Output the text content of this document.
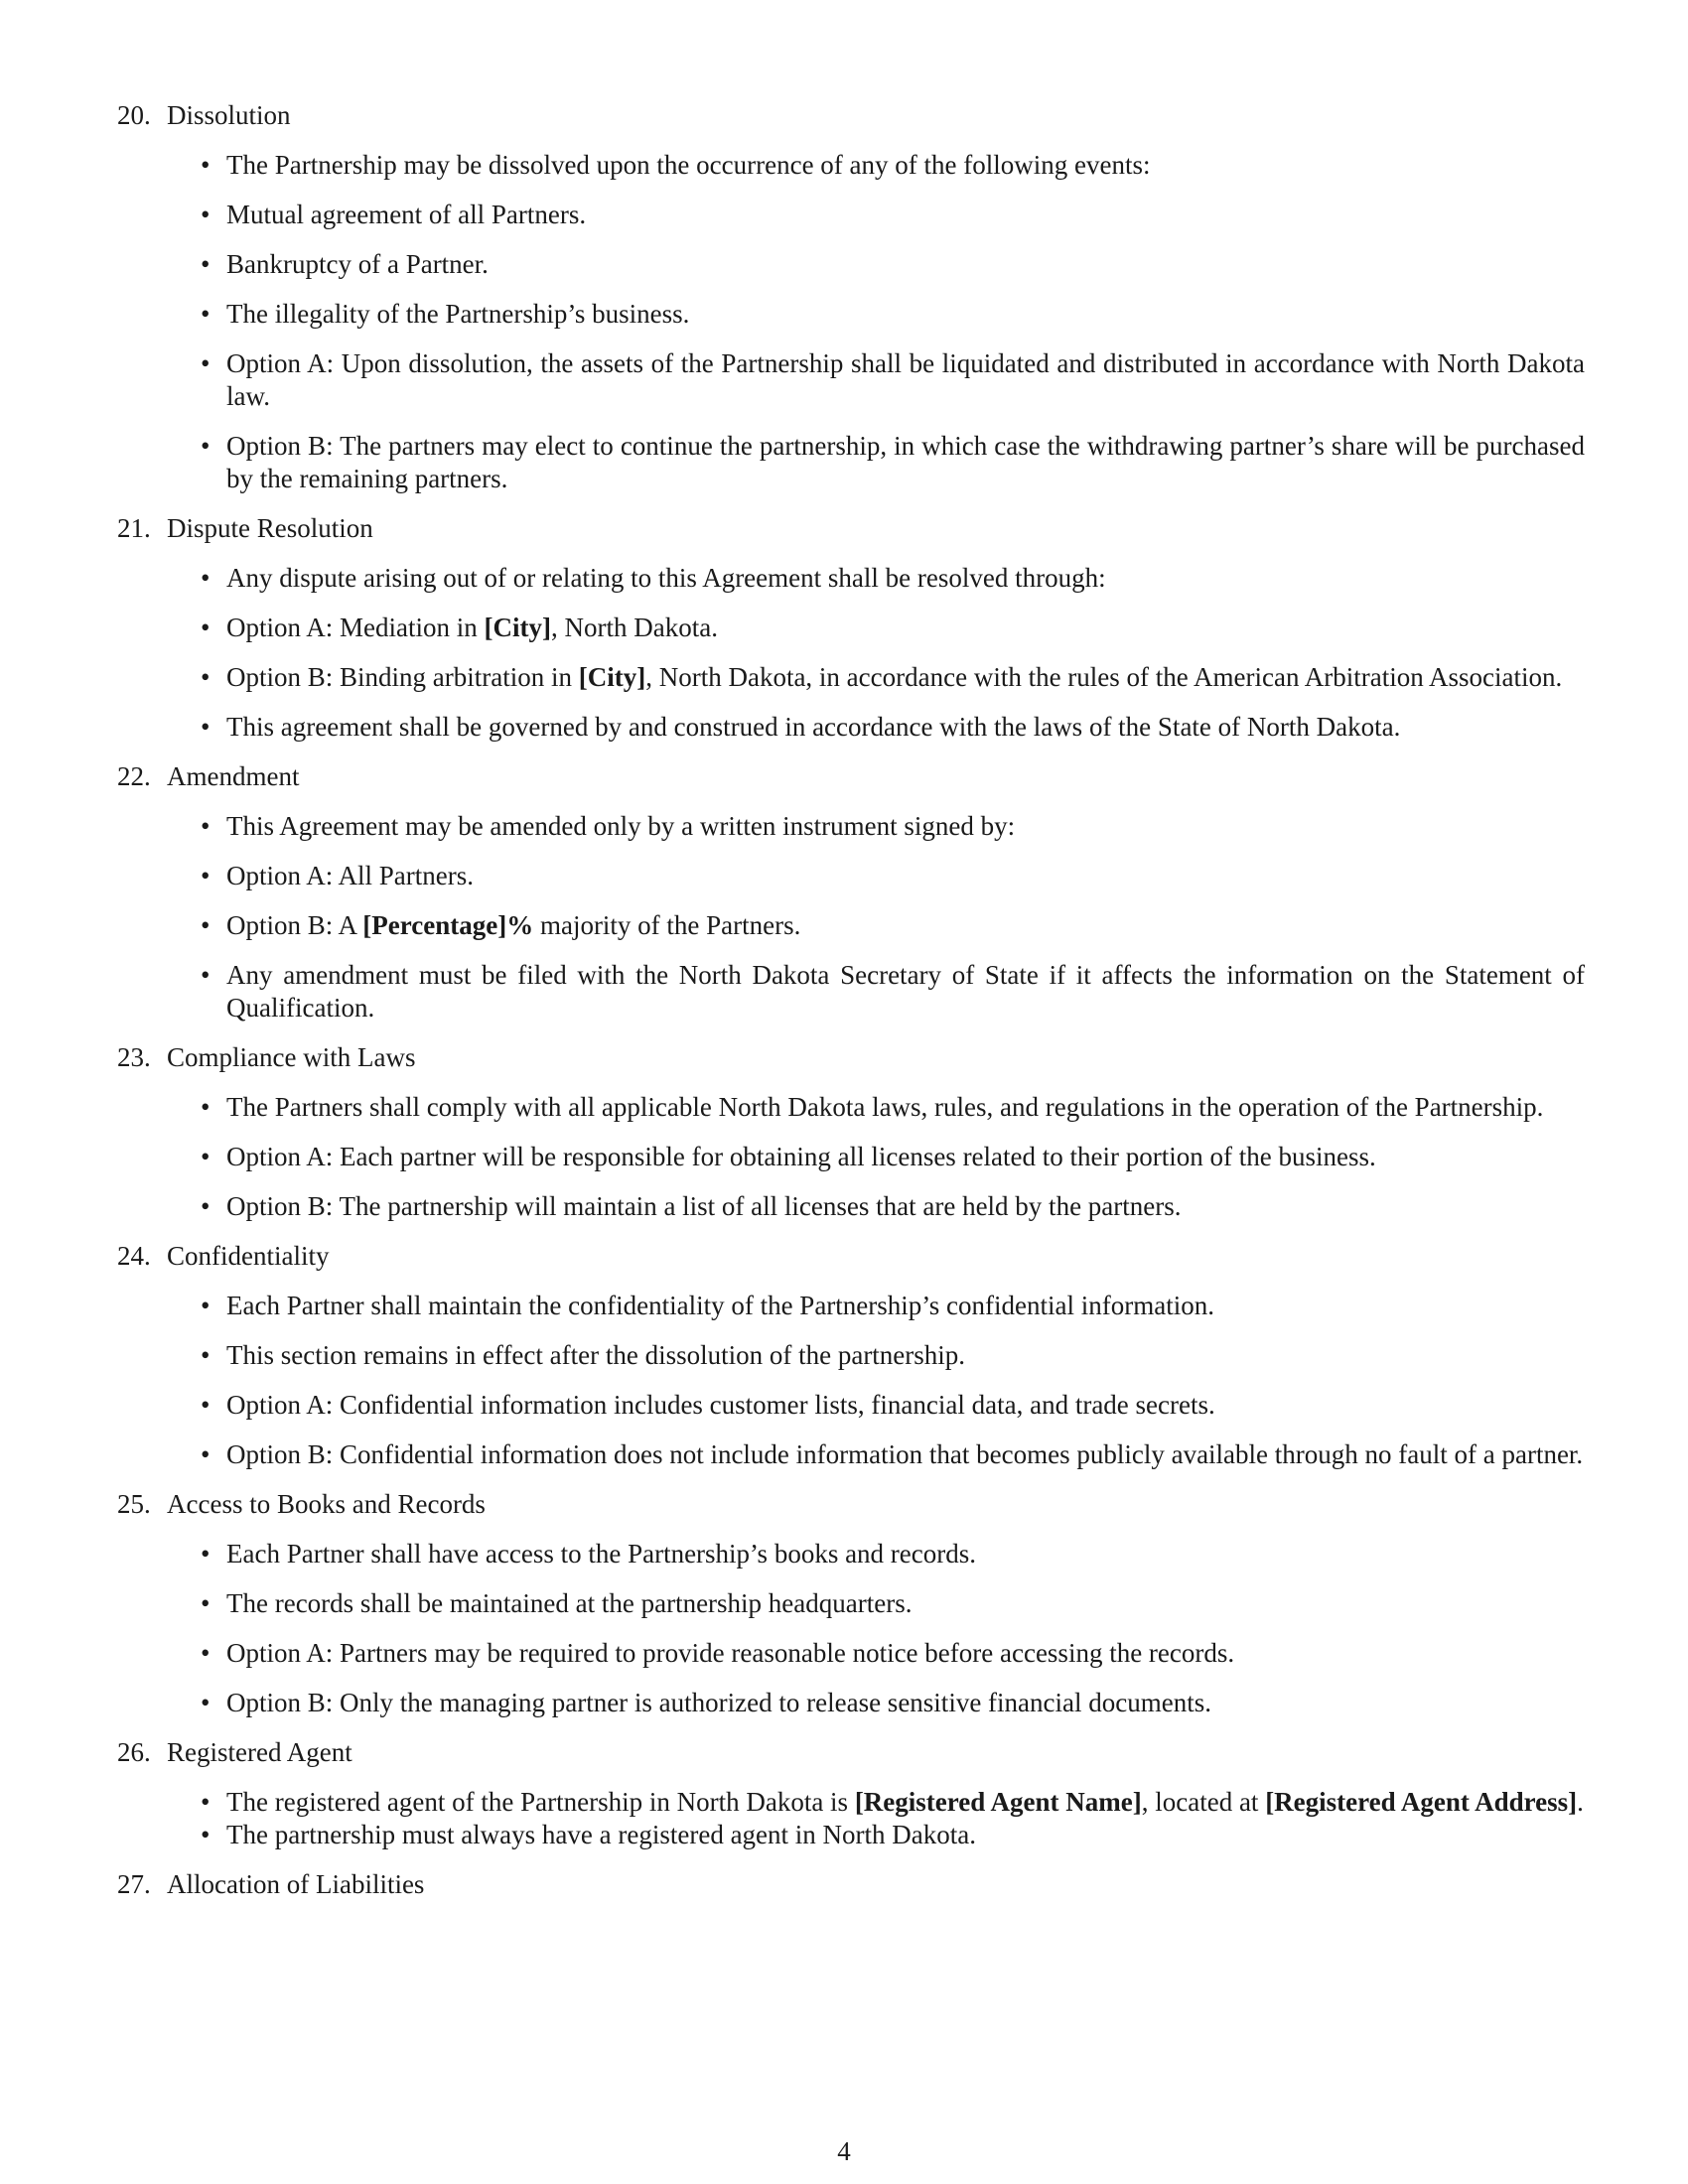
20. Dissolution
• The Partnership may be dissolved upon the occurrence of any of the following events:
• Mutual agreement of all Partners.
• Bankruptcy of a Partner.
• The illegality of the Partnership’s business.
• Option A: Upon dissolution, the assets of the Partnership shall be liquidated and distributed in accordance with North Dakota law.
• Option B: The partners may elect to continue the partnership, in which case the withdrawing partner’s share will be purchased by the remaining partners.
21. Dispute Resolution
• Any dispute arising out of or relating to this Agreement shall be resolved through:
• Option A: Mediation in [City], North Dakota.
• Option B: Binding arbitration in [City], North Dakota, in accordance with the rules of the American Arbitration Association.
• This agreement shall be governed by and construed in accordance with the laws of the State of North Dakota.
22. Amendment
• This Agreement may be amended only by a written instrument signed by:
• Option A: All Partners.
• Option B: A [Percentage]% majority of the Partners.
• Any amendment must be filed with the North Dakota Secretary of State if it affects the information on the Statement of Qualification.
23. Compliance with Laws
• The Partners shall comply with all applicable North Dakota laws, rules, and regulations in the operation of the Partnership.
• Option A: Each partner will be responsible for obtaining all licenses related to their portion of the business.
• Option B: The partnership will maintain a list of all licenses that are held by the partners.
24. Confidentiality
• Each Partner shall maintain the confidentiality of the Partnership’s confidential information.
• This section remains in effect after the dissolution of the partnership.
• Option A: Confidential information includes customer lists, financial data, and trade secrets.
• Option B: Confidential information does not include information that becomes publicly available through no fault of a partner.
25. Access to Books and Records
• Each Partner shall have access to the Partnership’s books and records.
• The records shall be maintained at the partnership headquarters.
• Option A: Partners may be required to provide reasonable notice before accessing the records.
• Option B: Only the managing partner is authorized to release sensitive financial documents.
26. Registered Agent
• The registered agent of the Partnership in North Dakota is [Registered Agent Name], located at [Registered Agent Address].
• The partnership must always have a registered agent in North Dakota.
27. Allocation of Liabilities
4
